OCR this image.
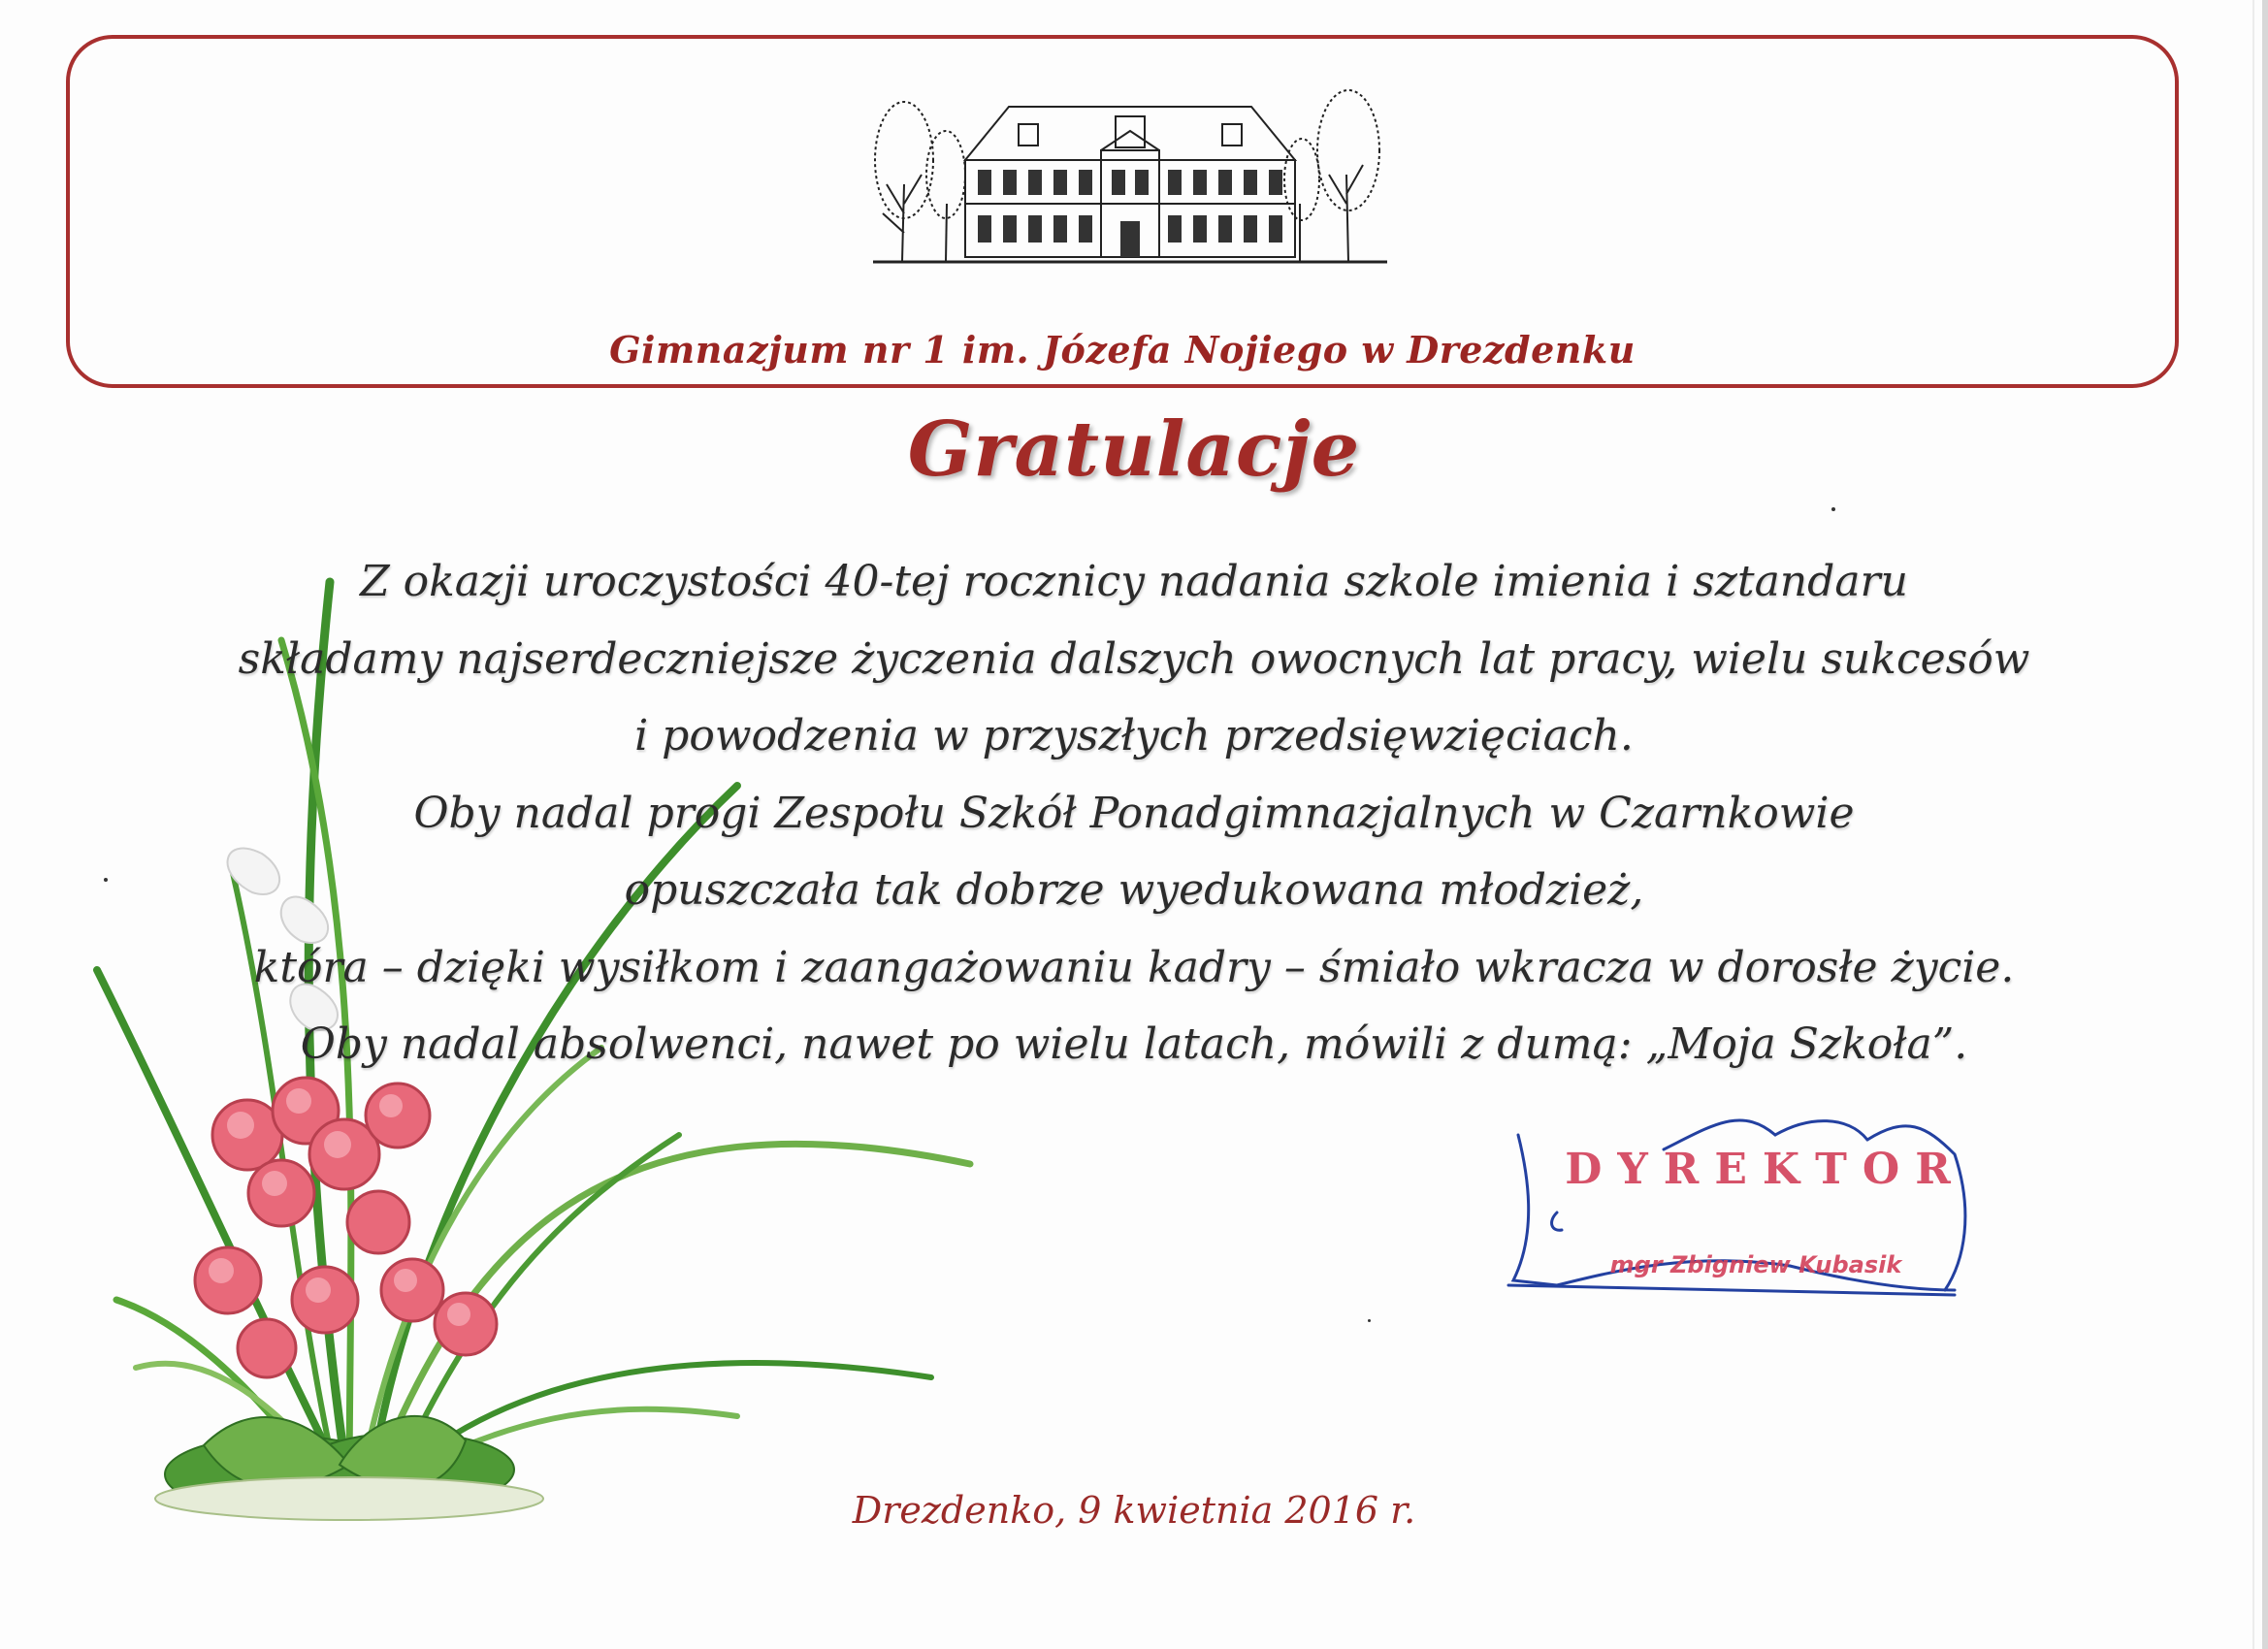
Gimnazjum nr 1 im. Józefa Nojiego w Drezdenku
Gratulacje
Z okazji uroczystości 40-tej rocznicy nadania szkole imienia i sztandaru
składamy najserdeczniejsze życzenia dalszych owocnych lat pracy, wielu sukcesów
i powodzenia w przyszłych przedsięwzięciach.
Oby nadal progi Zespołu Szkół Ponadgimnazjalnych w Czarnkowie
opuszczała tak dobrze wyedukowana młodzież,
która – dzięki wysiłkom i zaangażowaniu kadry – śmiało wkracza w dorosłe życie.
Oby nadal absolwenci, nawet po wielu latach, mówili z dumą: „Moja Szkoła”.
DYREKTOR
mgr Zbigniew Kubasik
Drezdenko, 9 kwietnia 2016 r.
